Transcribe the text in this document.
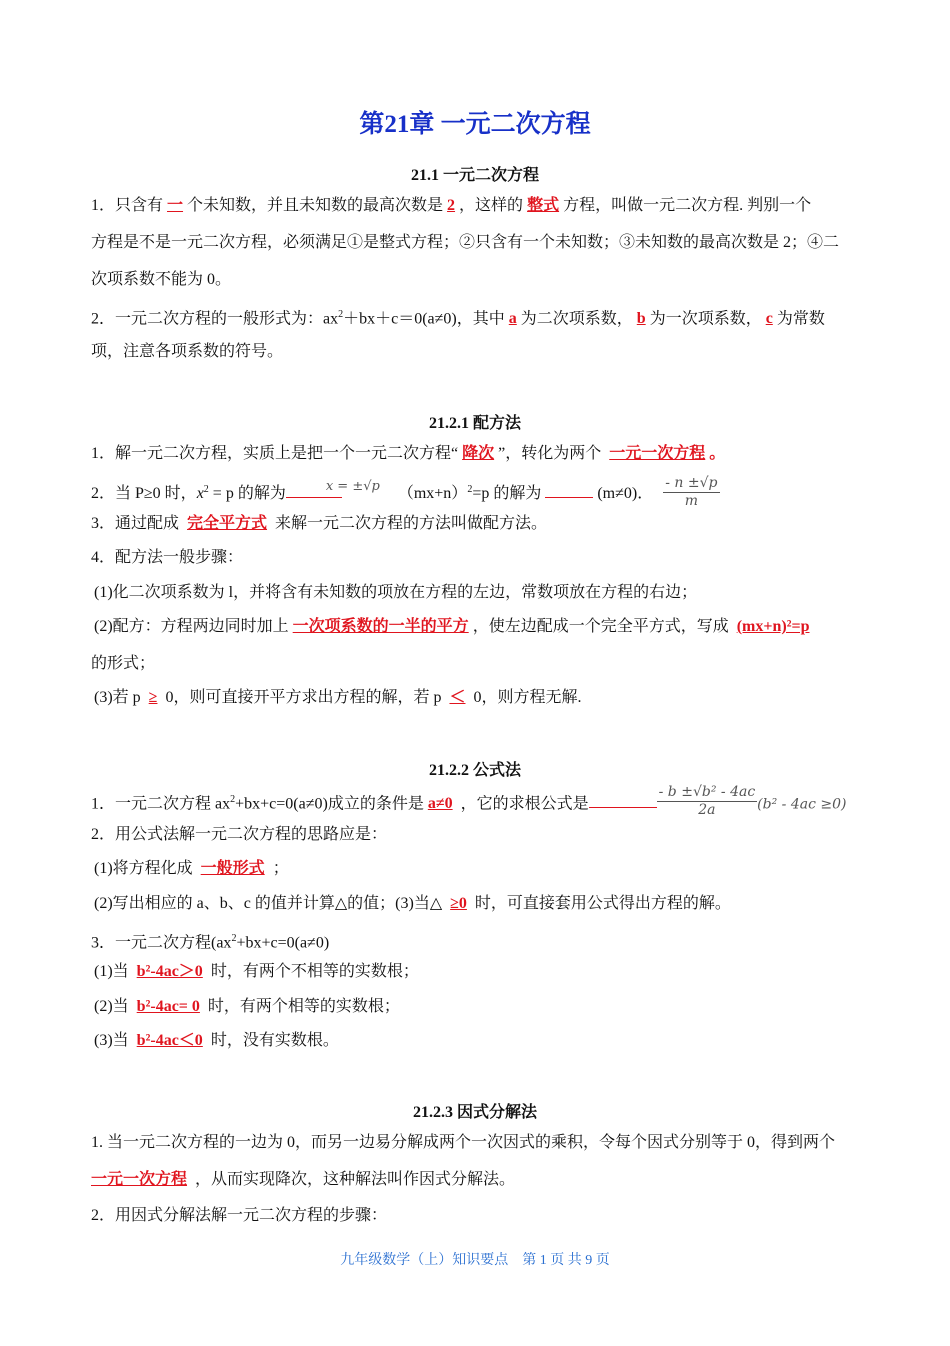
第21章 一元二次方程
21.1 一元二次方程
1．只含有 一 个未知数，并且未知数的最高次数是 2 ，这样的 整式 方程，叫做一元二次方程. 判别一个
方程是不是一元二次方程，必须满足①是整式方程；②只含有一个未知数；③未知数的最高次数是 2；④二
次项系数不能为 0。
2．一元二次方程的一般形式为：$ax^2+bx+c=0(a\ne 0)$，其中 a 为二次项系数， b 为一次项系数， c 为常数
项，注意各项系数的符号。
21.2.1 配方法
1．解一元二次方程，实质上是把一个一元二次方程“ 降次 ”，转化为两个 一元一次方程 。
2．当 P≥0 时，$x^2 = p$ 的解为	x = ±√p $(mx+n)^2=p$ 的解为	(m≠0)． $\frac{- n \pm√p}{m}$
3．通过配成 完全平方式 来解一元二次方程的方法叫做配方法。
4．配方法一般步骤：
(1)化二次项系数为 l，并将含有未知数的项放在方程的左边，常数项放在方程的右边；
(2)配方：方程两边同时加上 一次项系数的一半的平方 ，使左边配成一个完全平方式，写成 (mx+n)²=p
的形式；
(3)若 p ≥ 0，则可直接开平方求出方程的解，若 p ＜ 0，则方程无解.
21.2.2 公式法
1．一元二次方程 $ax^2+bx+c=0(a\ne 0)$成立的条件是 a≠0 ，它的求根公式是	$\frac{\text{- b ±√b² - 4ac}}{2a} (b^2 - 4ac \ge 0)$
2．用公式法解一元二次方程的思路应是：
(1)将方程化成 一般形式 ；
(2)写出相应的 a、b、c 的值并计算△的值；(3)当△ ≥0 时，可直接套用公式得出方程的解。
3．一元二次方程($ax^2+bx+c=0(a\ne 0)$
(1)当 b²-4ac＞0 时，有两个不相等的实数根；
(2)当 b²-4ac= 0 时，有两个相等的实数根；
(3)当 b²-4ac＜0 时，没有实数根。
21.2.3 因式分解法
1. 当一元二次方程的一边为 0，而另一边易分解成两个一次因式的乘积，令每个因式分别等于 0，得到两个
一元一次方程 ，从而实现降次，这种解法叫作因式分解法。
2．用因式分解法解一元二次方程的步骤：
九年级数学（上）知识要点　第 1 页 共 9 页
